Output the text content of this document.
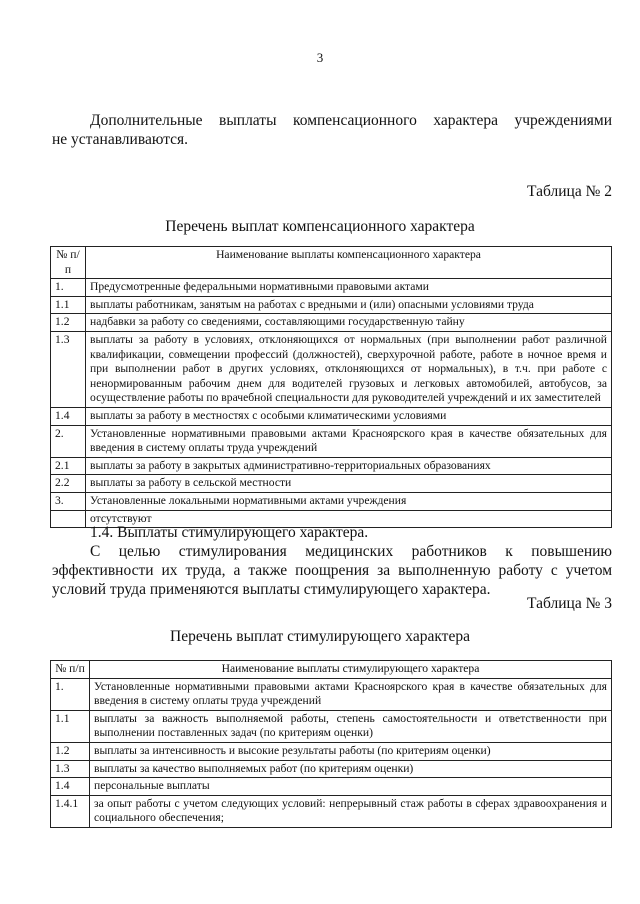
3
Дополнительные выплаты компенсационного характера учреждениями
не устанавливаются.
Таблица № 2
Перечень выплат компенсационного характера
№ п/п	Наименование выплаты компенсационного характера
1.	Предусмотренные федеральными нормативными правовыми актами
1.1	выплаты работникам, занятым на работах с вредными и (или) опасными условиями труда
1.2	надбавки за работу со сведениями, составляющими государственную тайну
1.3	выплаты за работу в условиях, отклоняющихся от нормальных (при выполнении работ различной квалификации, совмещении профессий (должностей), сверхурочной работе, работе в ночное время и при выполнении работ в других условиях, отклоняющихся от нормальных), в т.ч. при работе с ненормированным рабочим днем для водителей грузовых и легковых автомобилей, автобусов, за осуществление работы по врачебной специальности для руководителей учреждений и их заместителей
1.4	выплаты за работу в местностях с особыми климатическими условиями
2.	Установленные нормативными правовыми актами Красноярского края в качестве обязательных для введения в систему оплаты труда учреждений
2.1	выплаты за работу в закрытых административно-территориальных образованиях
2.2	выплаты за работу в сельской местности
3.	Установленные локальными нормативными актами учреждения
	отсутствуют
1.4. Выплаты стимулирующего характера.
С целью стимулирования медицинских работников к повышению эффективности их труда, а также поощрения за выполненную работу с учетом условий труда применяются выплаты стимулирующего характера.
Таблица № 3
Перечень выплат стимулирующего характера
№ п/п	Наименование выплаты стимулирующего характера
1.	Установленные нормативными правовыми актами Красноярского края в качестве обязательных для введения в систему оплаты труда учреждений
1.1	выплаты за важность выполняемой работы, степень самостоятельности и ответственности при выполнении поставленных задач (по критериям оценки)
1.2	выплаты за интенсивность и высокие результаты работы (по критериям оценки)
1.3	выплаты за качество выполняемых работ (по критериям оценки)
1.4	персональные выплаты
1.4.1	за опыт работы с учетом следующих условий: непрерывный стаж работы в сферах здравоохранения и социального обеспечения;
